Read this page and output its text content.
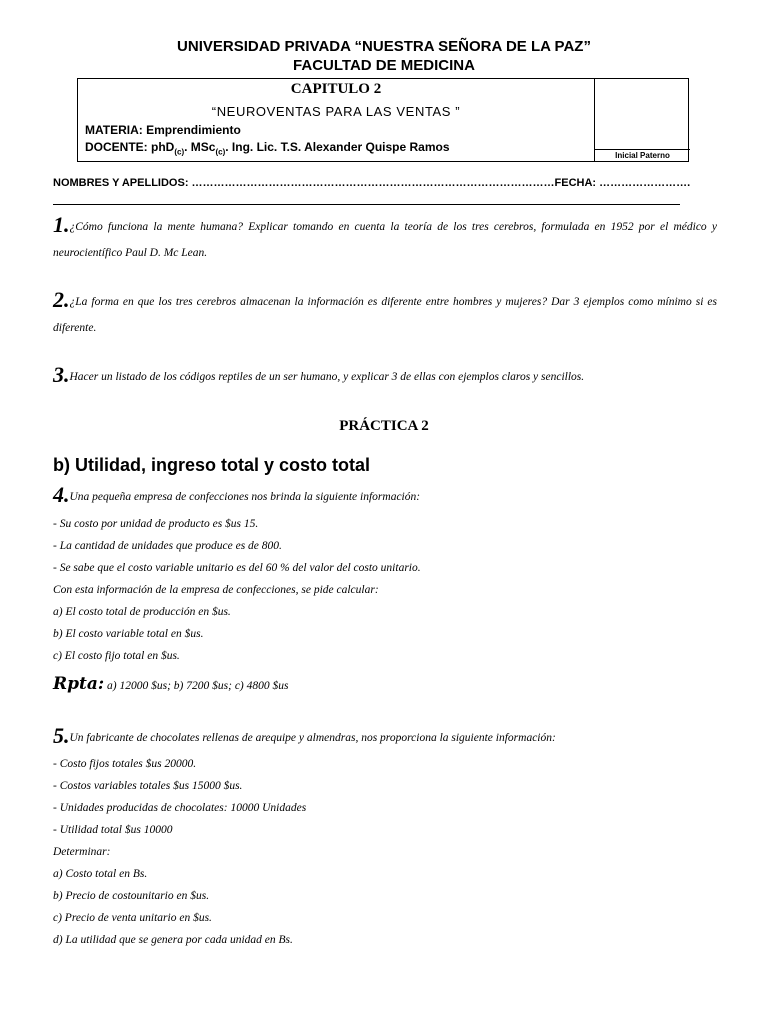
UNIVERSIDAD PRIVADA “NUESTRA SEÑORA DE LA PAZ”
FACULTAD DE MEDICINA
CAPITULO 2
“NEUROVENTAS PARA LAS VENTAS ”
MATERIA: Emprendimiento
DOCENTE: phD$_{(c)}$. MSc$_{(c)}$. Ing. Lic. T.S. Alexander Quispe Ramos
Inicial Paterno
NOMBRES Y APELLIDOS: ………………………………………………………………………………………FECHA: …………………….
1.¿Cómo funciona la mente humana? Explicar tomando en cuenta la teoría de los tres cerebros, formulada en 1952 por el médico y neurocientífico Paul D. Mc Lean.
2.¿La forma en que los tres cerebros almacenan la información es diferente entre hombres y mujeres? Dar 3 ejemplos como mínimo si es diferente.
3.Hacer un listado de los códigos reptiles de un ser humano, y explicar 3 de ellas con ejemplos claros y sencillos.
PRÁCTICA 2
b) Utilidad, ingreso total y costo total
4.Una pequeña empresa de confecciones nos brinda la siguiente información:
- Su costo por unidad de producto es $us 15.
- La cantidad de unidades que produce es de 800.
- Se sabe que el costo variable unitario es del 60 % del valor del costo unitario.
Con esta información de la empresa de confecciones, se pide calcular:
a) El costo total de producción en $us.
b) El costo variable total en $us.
c) El costo fijo total en $us.
Rpta: a) 12000 $us; b) 7200 $us; c) 4800 $us
5.Un fabricante de chocolates rellenas de arequipe y almendras, nos proporciona la siguiente información:
- Costo fijos totales $us 20000.
- Costos variables totales $us 15000 $us.
- Unidades producidas de chocolates: 10000 Unidades
- Utilidad total $us 10000
Determinar:
a) Costo total en Bs.
b) Precio de costounitario en $us.
c) Precio de venta unitario en $us.
d) La utilidad que se genera por cada unidad en Bs.
